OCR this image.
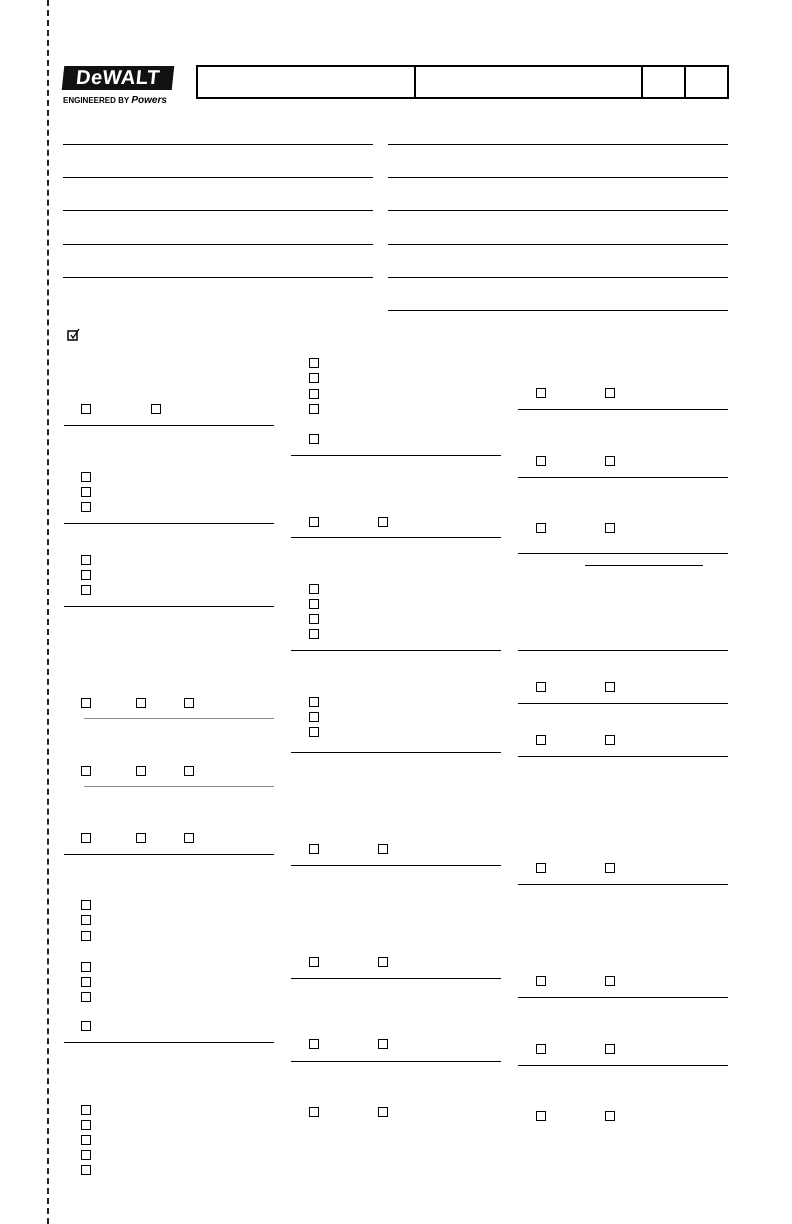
DeWALT
ENGINEERED BY Powers
